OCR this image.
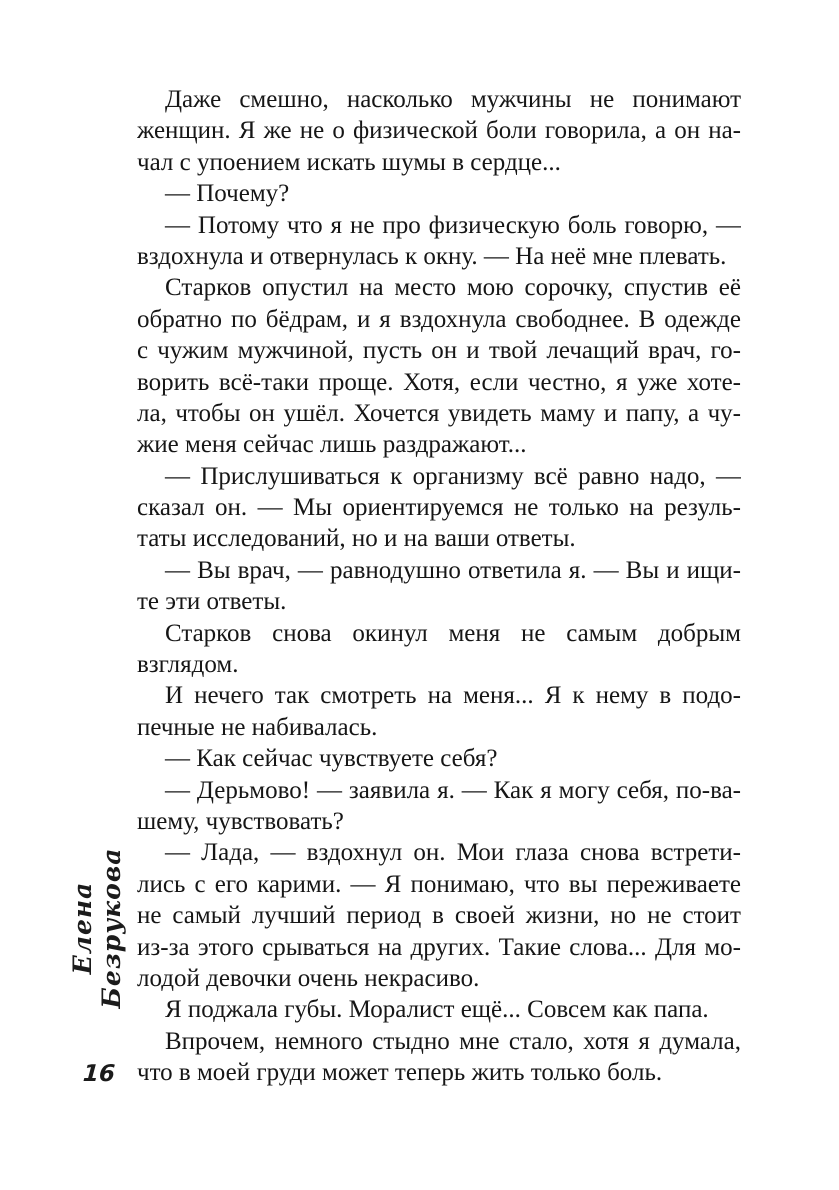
Елена Безрукова
16
Даже смешно, насколько мужчины не понимают
женщин. Я же не о физической боли говорила, а он на-
чал с упоением искать шумы в сердце...
— Почему?
— Потому что я не про физическую боль говорю, —
вздохнула и отвернулась к окну. — На неё мне плевать.
Старков опустил на место мою сорочку, спустив её
обратно по бёдрам, и я вздохнула свободнее. В одежде
с чужим мужчиной, пусть он и твой лечащий врач, го-
ворить всё-таки проще. Хотя, если честно, я уже хоте-
ла, чтобы он ушёл. Хочется увидеть маму и папу, а чу-
жие меня сейчас лишь раздражают...
— Прислушиваться к организму всё равно надо, —
сказал он. — Мы ориентируемся не только на резуль-
таты исследований, но и на ваши ответы.
— Вы врач, — равнодушно ответила я. — Вы и ищи-
те эти ответы.
Старков снова окинул меня не самым добрым
взглядом.
И нечего так смотреть на меня... Я к нему в подо-
печные не набивалась.
— Как сейчас чувствуете себя?
— Дерьмово! — заявила я. — Как я могу себя, по-ва-
шему, чувствовать?
— Лада, — вздохнул он. Мои глаза снова встрети-
лись с его карими. — Я понимаю, что вы переживаете
не самый лучший период в своей жизни, но не стоит
из-за этого срываться на других. Такие слова... Для мо-
лодой девочки очень некрасиво.
Я поджала губы. Моралист ещё... Совсем как папа.
Впрочем, немного стыдно мне стало, хотя я думала,
что в моей груди может теперь жить только боль.
